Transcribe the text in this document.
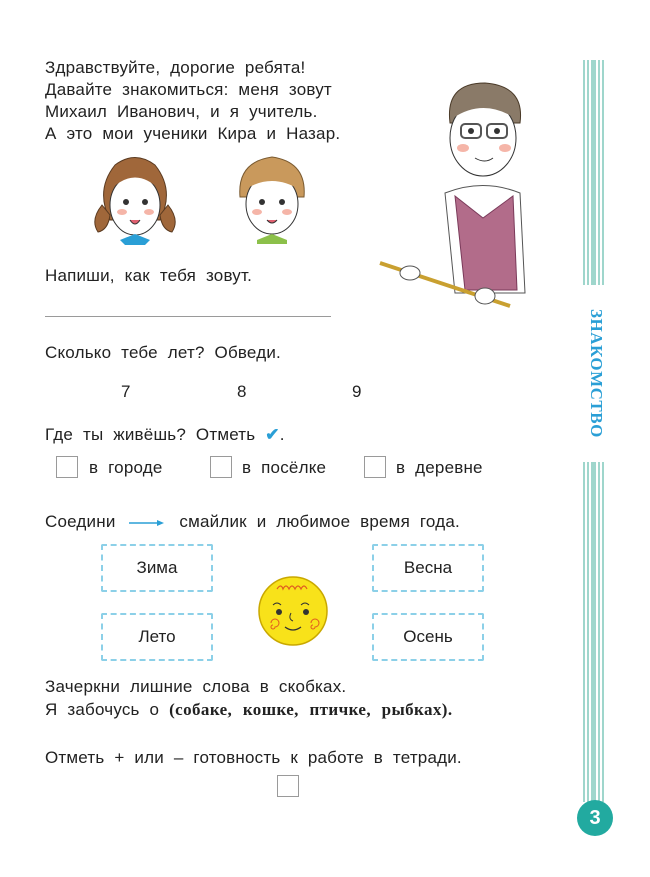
Здравствуйте, дорогие ребята!
Давайте знакомиться: меня зовут
Михаил Иванович, и я учитель.
А это мои ученики Кира и Назар.
Напиши, как тебя зовут.
Сколько тебе лет? Обведи.
7	8	9
Где ты живёшь? Отметь ✔.
в городе	в посёлке	в деревне
Соедини	смайлик и любимое время года.
Зима	Весна
Лето	Осень
Зачеркни лишние слова в скобках.
Я забочусь о (собаке, кошке, птичке, рыбках).
Отметь + или – готовность к работе в тетради.
ЗНАКОМСТВО
3
